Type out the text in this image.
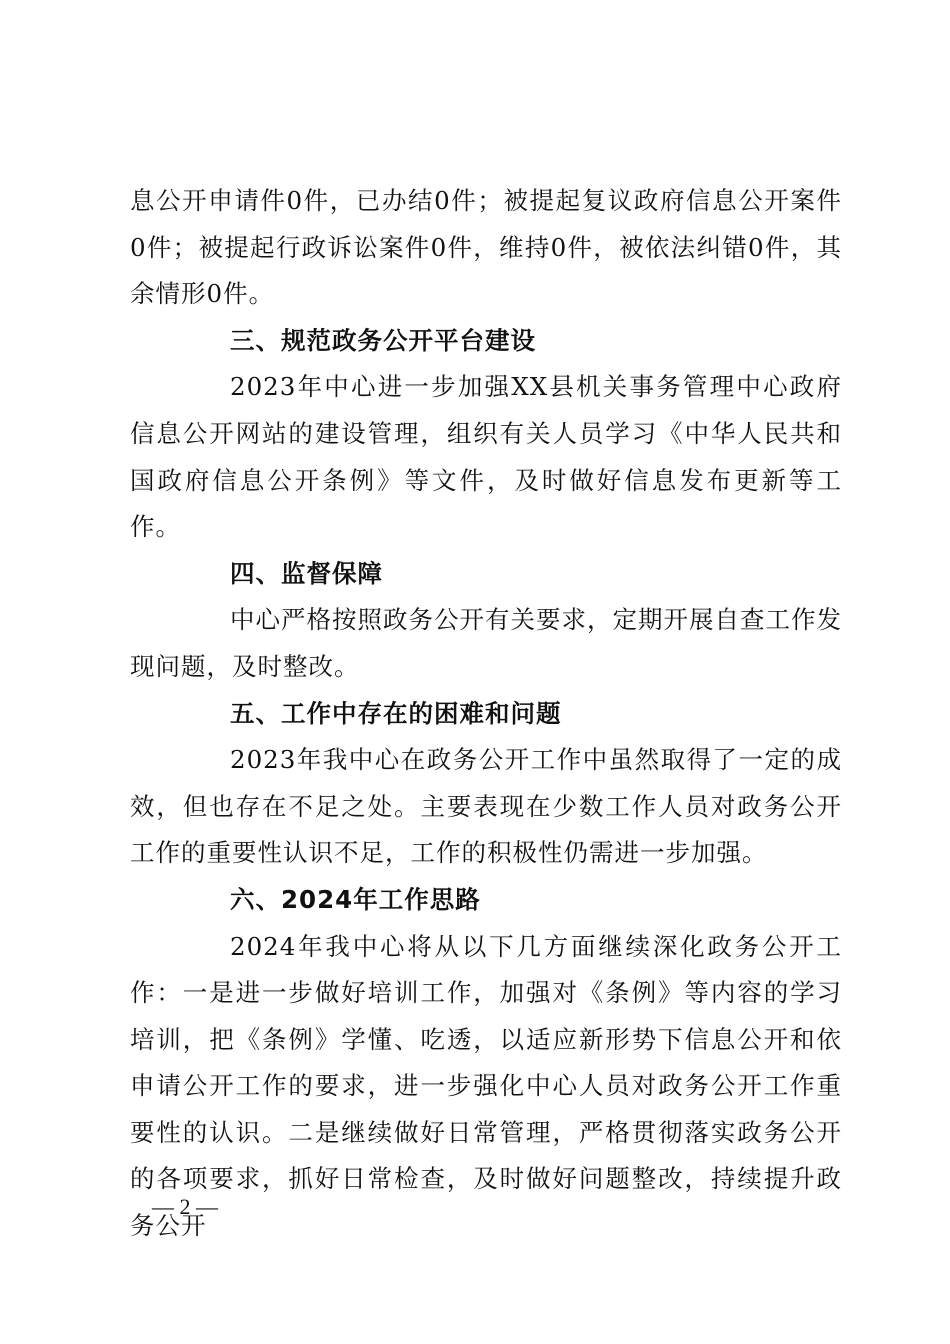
息公开申请件0件，已办结0件；被提起复议政府信息公开案件0件；被提起行政诉讼案件0件，维持0件，被依法纠错0件，其余情形0件。

三、规范政务公开平台建设

2023年中心进一步加强XX县机关事务管理中心政府信息公开网站的建设管理，组织有关人员学习《中华人民共和国政府信息公开条例》等文件，及时做好信息发布更新等工作。

四、监督保障

中心严格按照政务公开有关要求，定期开展自查工作发现问题，及时整改。

五、工作中存在的困难和问题

2023年我中心在政务公开工作中虽然取得了一定的成效，但也存在不足之处。主要表现在少数工作人员对政务公开工作的重要性认识不足，工作的积极性仍需进一步加强。

六、2024年工作思路

2024年我中心将从以下几方面继续深化政务公开工作：一是进一步做好培训工作，加强对《条例》等内容的学习培训，把《条例》学懂、吃透，以适应新形势下信息公开和依申请公开工作的要求，进一步强化中心人员对政务公开工作重要性的认识。二是继续做好日常管理，严格贯彻落实政务公开的各项要求，抓好日常检查，及时做好问题整改，持续提升政务公开

— 2 —
